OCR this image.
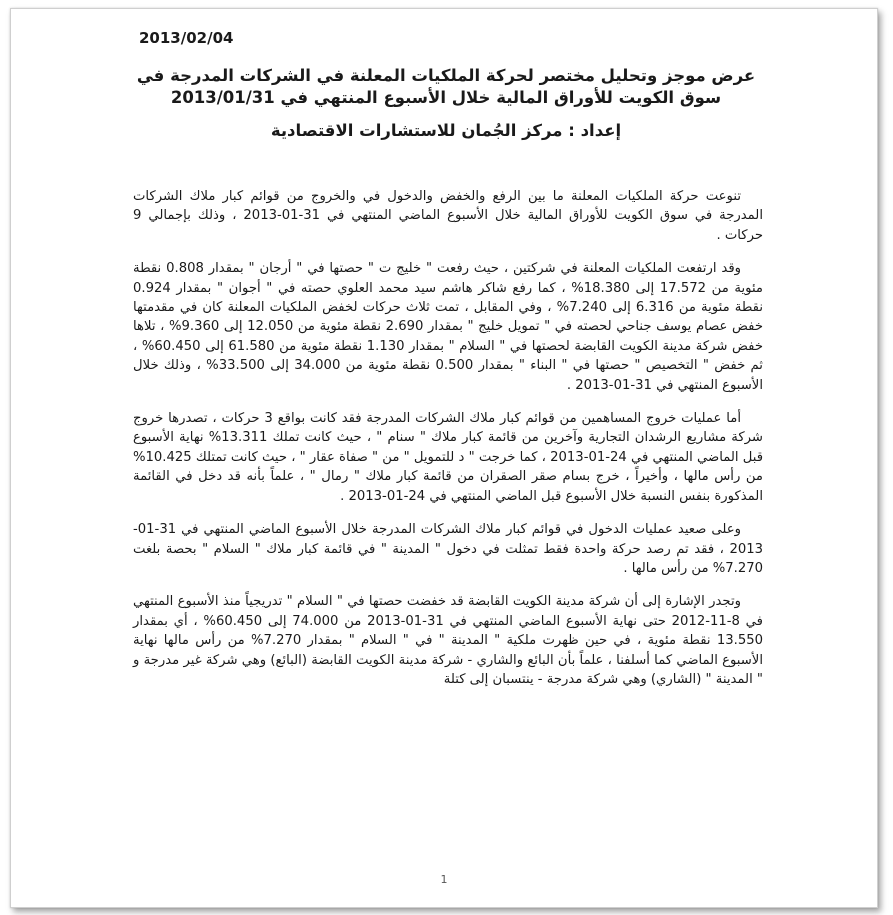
2013/02/04
عرض موجز وتحليل مختصر لحركة الملكيات المعلنة في الشركات المدرجة في سوق الكويت للأوراق المالية خلال الأسبوع المنتهي في 2013/01/31
إعداد : مركز الجُمان للاستشارات الاقتصادية

تنوعت حركة الملكيات المعلنة ما بين الرفع والخفض والدخول في والخروج من قوائم كبار ملاك الشركات المدرجة في سوق الكويت للأوراق المالية خلال الأسبوع الماضي المنتهي في 31-01-2013 ، وذلك بإجمالي 9 حركات .

وقد ارتفعت الملكيات المعلنة في شركتين ، حيث رفعت " خليج ت " حصتها في " أرجان " بمقدار 0.808 نقطة مئوية من 17.572 إلى 18.380% ، كما رفع شاكر هاشم سيد محمد العلوي حصته في " أجوان " بمقدار 0.924 نقطة مئوية من 6.316 إلى 7.240% ، وفي المقابل ، تمت ثلاث حركات لخفض الملكيات المعلنة كان في مقدمتها خفض عصام يوسف جناحي لحصته في " تمويل خليج " بمقدار 2.690 نقطة مئوية من 12.050 إلى 9.360% ، تلاها خفض شركة مدينة الكويت القابضة لحصتها في " السلام " بمقدار 1.130 نقطة مئوية من 61.580 إلى 60.450% ، ثم خفض " التخصيص " حصتها في " البناء " بمقدار 0.500 نقطة مئوية من 34.000 إلى 33.500% ، وذلك خلال الأسبوع المنتهي في 31-01-2013 .

أما عمليات خروج المساهمين من قوائم كبار ملاك الشركات المدرجة فقد كانت بواقع 3 حركات ، تصدرها خروج شركة مشاريع الرشدان التجارية وآخرين من قائمة كبار ملاك " سنام " ، حيث كانت تملك 13.311% نهاية الأسبوع قبل الماضي المنتهي في 24-01-2013 ، كما خرجت " د للتمويل " من " صفاة عقار " ، حيث كانت تمتلك 10.425% من رأس مالها ، وأخيراً ، خرج بسام صقر الصقران من قائمة كبار ملاك " رمال " ، علماً بأنه قد دخل في القائمة المذكورة بنفس النسبة خلال الأسبوع قبل الماضي المنتهي في 24-01-2013 .

وعلى صعيد عمليات الدخول في قوائم كبار ملاك الشركات المدرجة خلال الأسبوع الماضي المنتهي في 31-01-2013 ، فقد تم رصد حركة واحدة فقط تمثلت في دخول " المدينة " في قائمة كبار ملاك " السلام " بحصة بلغت 7.270% من رأس مالها .

وتجدر الإشارة إلى أن شركة مدينة الكويت القابضة قد خفضت حصتها في " السلام " تدريجياً منذ الأسبوع المنتهي في 8-11-2012 حتى نهاية الأسبوع الماضي المنتهي في 31-01-2013 من 74.000 إلى 60.450% ، أي بمقدار 13.550 نقطة مئوية ، في حين ظهرت ملكية " المدينة " في " السلام " بمقدار 7.270% من رأس مالها نهاية الأسبوع الماضي كما أسلفنا ، علماً بأن البائع والشاري - شركة مدينة الكويت القابضة (البائع) وهي شركة غير مدرجة و " المدينة " (الشاري) وهي شركة مدرجة - ينتسبان إلى كتلة

1
